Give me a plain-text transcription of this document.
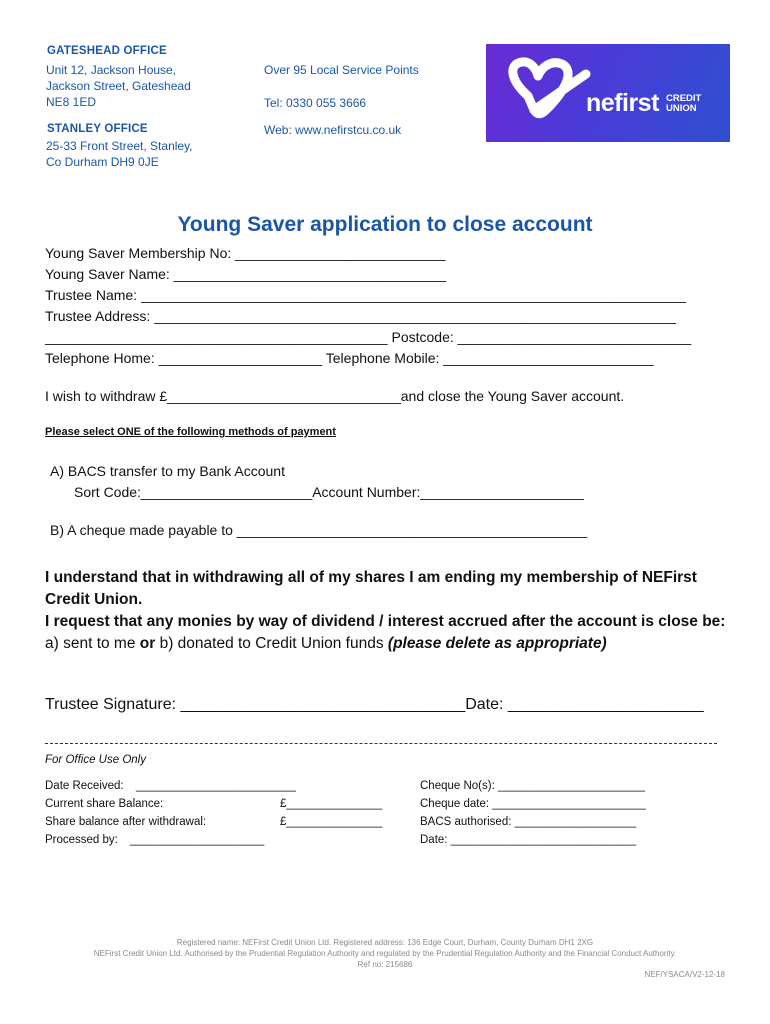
GATESHEAD OFFICE
Unit 12, Jackson House,
Jackson Street, Gateshead
NE8 1ED
STANLEY OFFICE
25-33 Front Street, Stanley,
Co Durham DH9 0JE
Over 95 Local Service Points
Tel: 0330 055 3666
Web: www.nefirstcu.co.uk
nefirst CREDIT
UNION
Young Saver application to close account
Young Saver Membership No: ___________________________
Young Saver Name: ___________________________________
Trustee Name: ______________________________________________________________________
Trustee Address: ___________________________________________________________________
____________________________________________ Postcode: ______________________________
Telephone Home: _____________________ Telephone Mobile: ___________________________
I wish to withdraw £______________________________and close the Young Saver account.
Please select ONE of the following methods of payment
A) BACS transfer to my Bank Account
Sort Code:______________________Account Number:_____________________
B) A cheque made payable to _____________________________________________
I understand that in withdrawing all of my shares I am ending my membership of NEFirst Credit Union.
I request that any monies by way of dividend / interest accrued after the account is close be: a) sent to me or b) donated to Credit Union funds (please delete as appropriate)
Trustee Signature: ________________________________Date: ______________________
For Office Use Only
Date Received:
Current share Balance:
Share balance after withdrawal:
Processed by:
_________________________
£_______________
£_______________
_____________________
Cheque No(s): _______________________
Cheque date: ________________________
BACS authorised: ___________________
Date: _____________________________
Registered name: NEFirst Credit Union Ltd. Registered address: 136 Edge Court, Durham, County Durham DH1 2XG
NEFirst Credit Union Ltd. Authorised by the Prudential Regulation Authority and regulated by the Prudential Regulation Authority and the Financial Conduct Authority.
Ref no: 215686
NEF/YSACA/V2-12-18
